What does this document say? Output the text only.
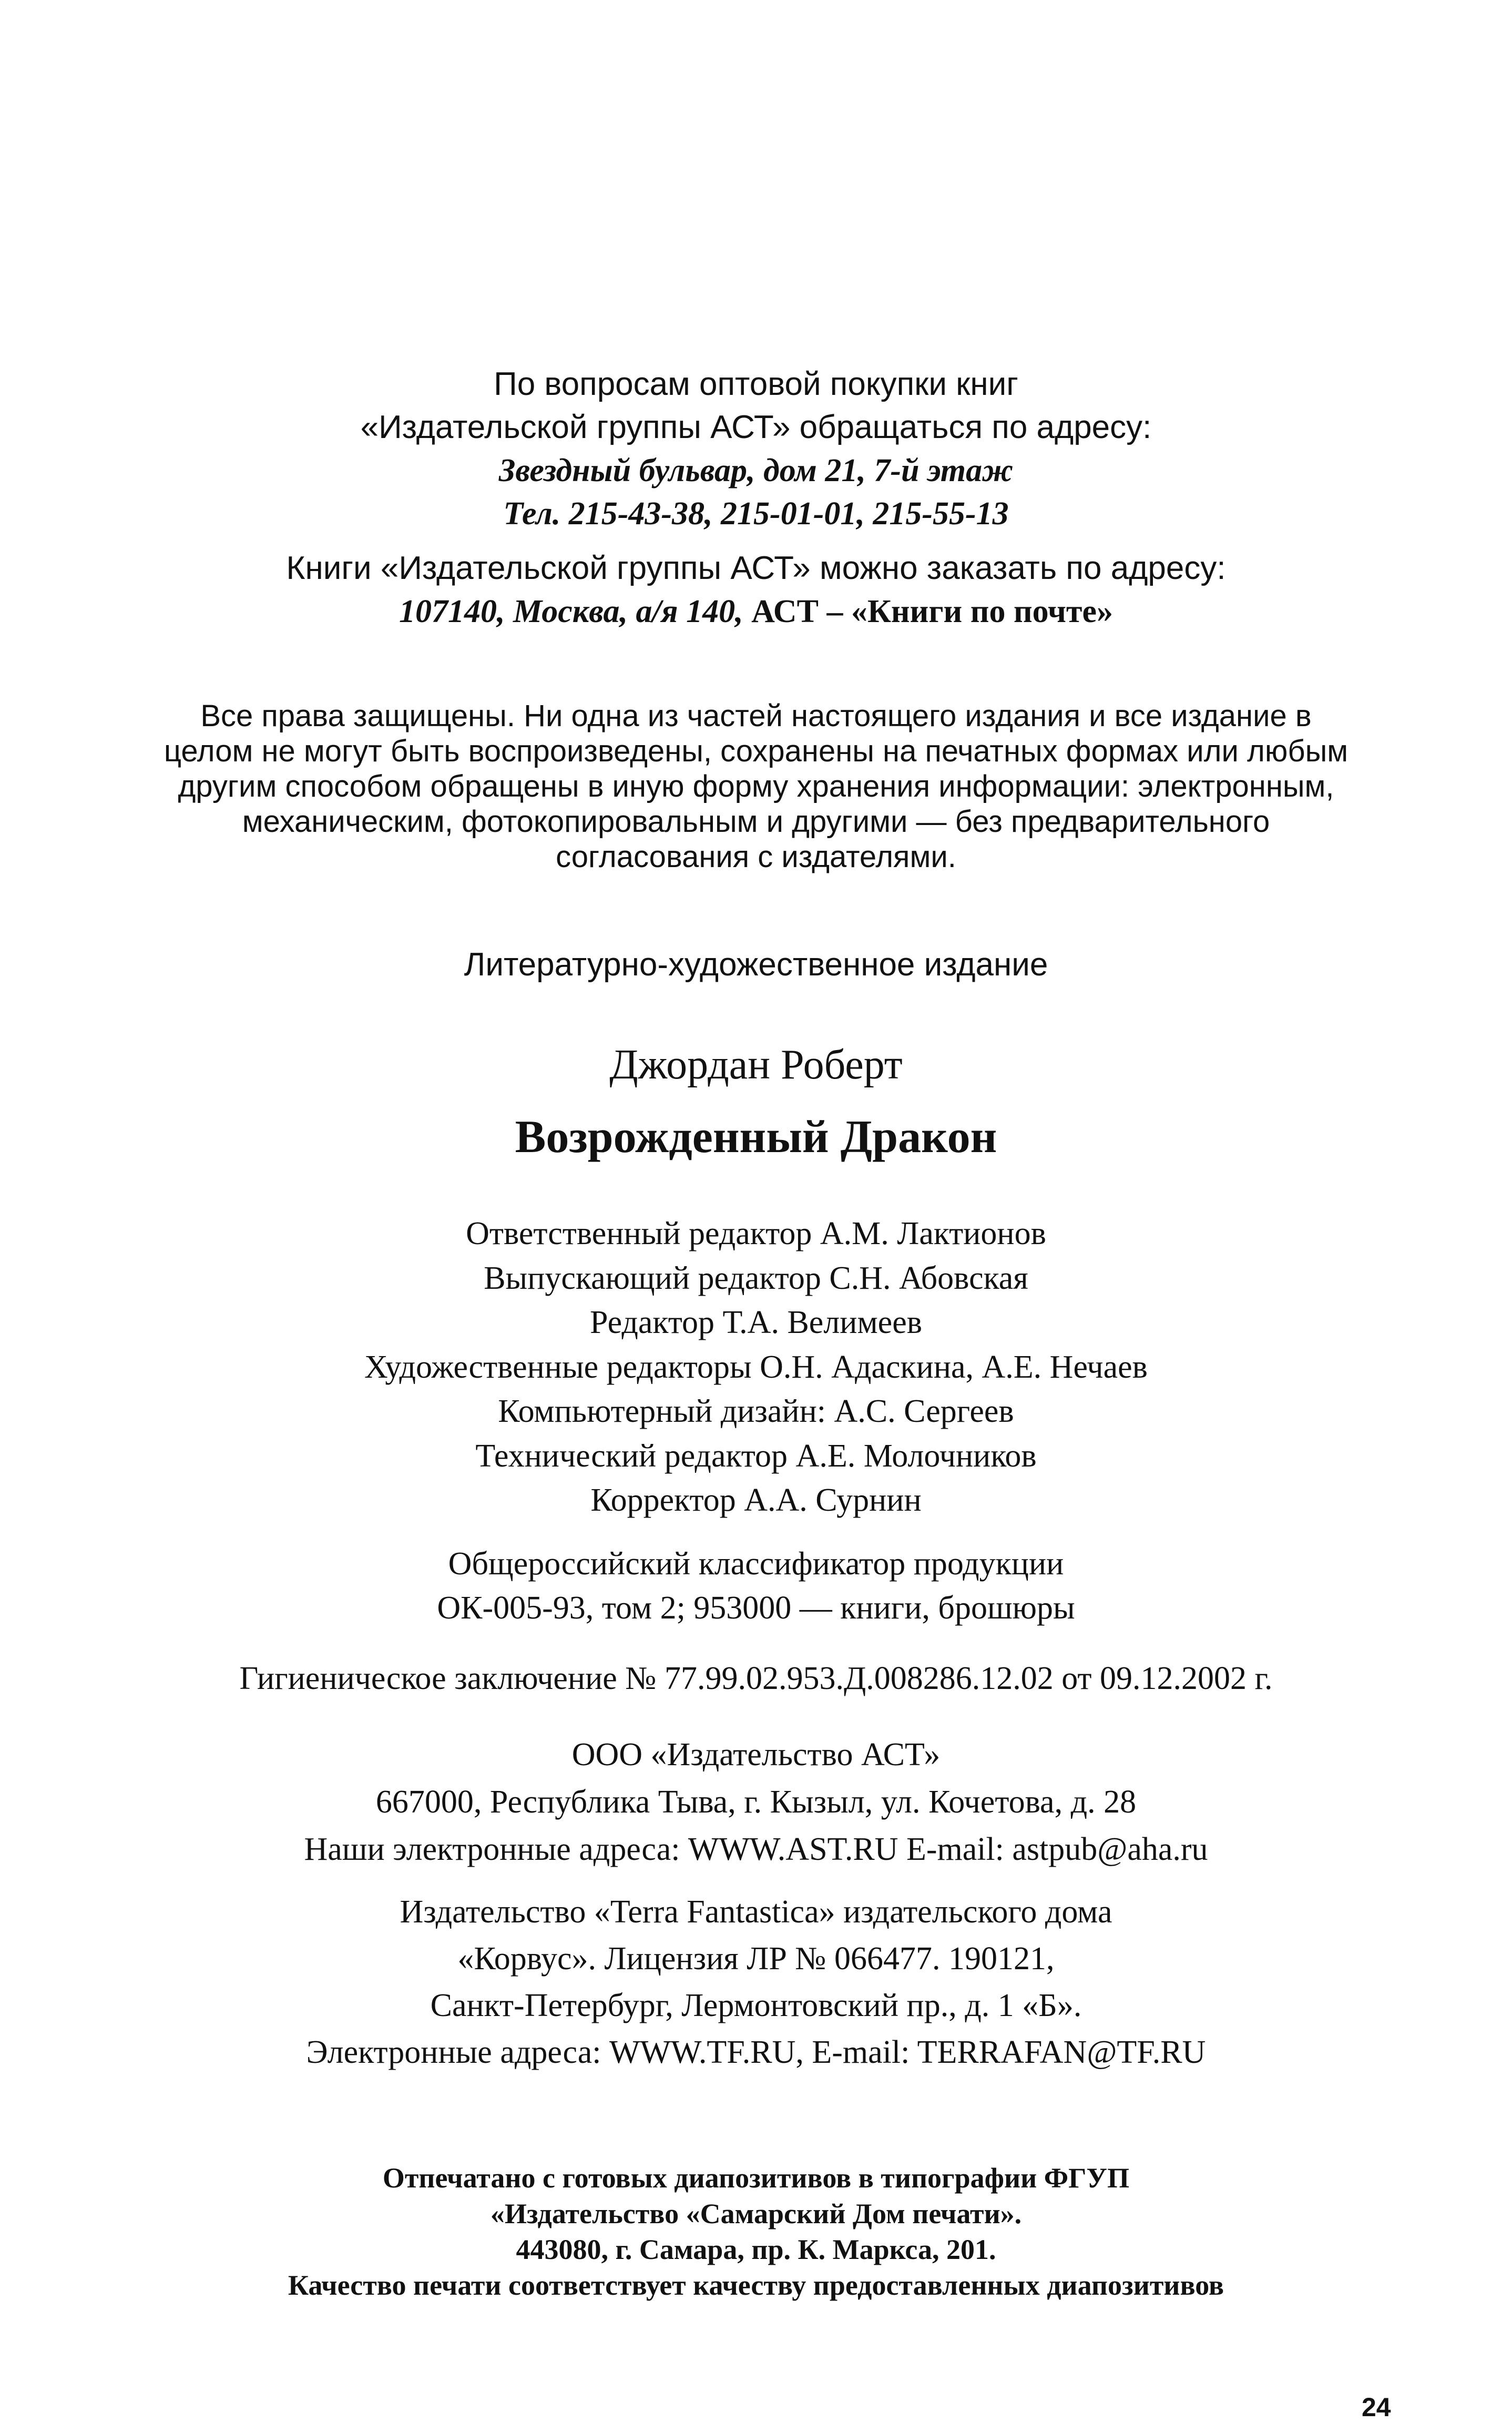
По вопросам оптовой покупки книг
«Издательской группы АСТ» обращаться по адресу:
Звездный бульвар, дом 21, 7-й этаж
Тел. 215-43-38, 215-01-01, 215-55-13
Книги «Издательской группы АСТ» можно заказать по адресу:
107140, Москва, а/я 140, АСТ – «Книги по почте»
Все права защищены. Ни одна из частей настоящего издания и все издание в
целом не могут быть воспроизведены, сохранены на печатных формах или любым
другим способом обращены в иную форму хранения информации: электронным,
механическим, фотокопировальным и другими — без предварительного
согласования с издателями.
Литературно-художественное издание
Джордан Роберт
Возрожденный Дракон
Ответственный редактор А.М. Лактионов
Выпускающий редактор С.Н. Абовская
Редактор Т.А. Велимеев
Художественные редакторы О.Н. Адаскина, А.Е. Нечаев
Компьютерный дизайн: А.С. Сергеев
Технический редактор А.Е. Молочников
Корректор А.А. Сурнин
Общероссийский классификатор продукции
ОК-005-93, том 2; 953000 — книги, брошюры
Гигиеническое заключение № 77.99.02.953.Д.008286.12.02 от 09.12.2002 г.
ООО «Издательство АСТ»
667000, Республика Тыва, г. Кызыл, ул. Кочетова, д. 28
Наши электронные адреса: WWW.AST.RU E-mail: astpub@aha.ru
Издательство «Terra Fantastica» издательского дома
«Корвус». Лицензия ЛР № 066477. 190121,
Санкт-Петербург, Лермонтовский пр., д. 1 «Б».
Электронные адреса: WWW.TF.RU, E-mail: TERRAFAN@TF.RU
Отпечатано с готовых диапозитивов в типографии ФГУП
«Издательство «Самарский Дом печати».
443080, г. Самара, пр. К. Маркса, 201.
Качество печати соответствует качеству предоставленных диапозитивов
24
